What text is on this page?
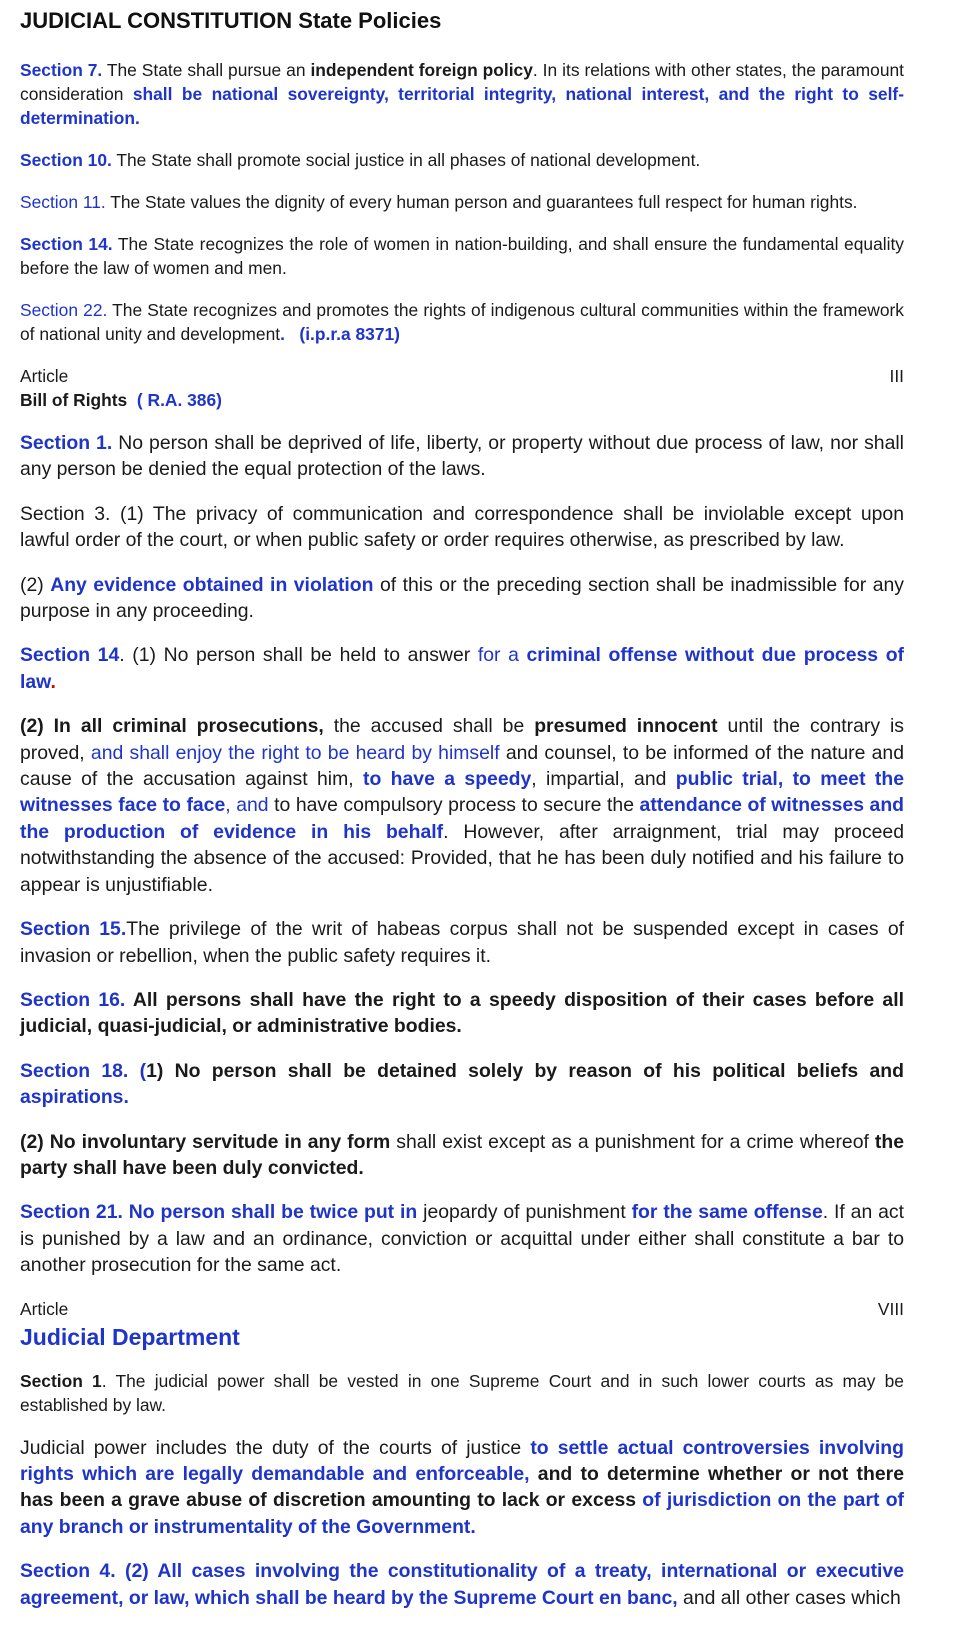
JUDICIAL CONSTITUTION State Policies

Section 7. The State shall pursue an independent foreign policy. In its relations with other states, the paramount consideration shall be national sovereignty, territorial integrity, national interest, and the right to self-determination.

Section 10. The State shall promote social justice in all phases of national development.

Section 11. The State values the dignity of every human person and guarantees full respect for human rights.

Section 14. The State recognizes the role of women in nation-building, and shall ensure the fundamental equality before the law of women and men.

Section 22. The State recognizes and promotes the rights of indigenous cultural communities within the framework of national unity and development.   (i.p.r.a 8371)

Article	III
Bill of Rights  ( R.A. 386)

Section 1. No person shall be deprived of life, liberty, or property without due process of law, nor shall any person be denied the equal protection of the laws.

Section 3. (1) The privacy of communication and correspondence shall be inviolable except upon lawful order of the court, or when public safety or order requires otherwise, as prescribed by law.

(2) Any evidence obtained in violation of this or the preceding section shall be inadmissible for any purpose in any proceeding.

Section 14. (1) No person shall be held to answer for a criminal offense without due process of law.

(2) In all criminal prosecutions, the accused shall be presumed innocent until the contrary is proved, and shall enjoy the right to be heard by himself and counsel, to be informed of the nature and cause of the accusation against him, to have a speedy, impartial, and public trial, to meet the witnesses face to face, and to have compulsory process to secure the attendance of witnesses and the production of evidence in his behalf. However, after arraignment, trial may proceed notwithstanding the absence of the accused: Provided, that he has been duly notified and his failure to appear is unjustifiable.

Section 15.The privilege of the writ of habeas corpus shall not be suspended except in cases of invasion or rebellion, when the public safety requires it.

Section 16. All persons shall have the right to a speedy disposition of their cases before all judicial, quasi-judicial, or administrative bodies.

Section 18. (1) No person shall be detained solely by reason of his political beliefs and aspirations.

(2) No involuntary servitude in any form shall exist except as a punishment for a crime whereof the party shall have been duly convicted.

Section 21. No person shall be twice put in jeopardy of punishment for the same offense. If an act is punished by a law and an ordinance, conviction or acquittal under either shall constitute a bar to another prosecution for the same act.

Article	VIII
Judicial Department

Section 1. The judicial power shall be vested in one Supreme Court and in such lower courts as may be established by law.

Judicial power includes the duty of the courts of justice to settle actual controversies involving rights which are legally demandable and enforceable, and to determine whether or not there has been a grave abuse of discretion amounting to lack or excess of jurisdiction on the part of any branch or instrumentality of the Government.

Section 4. (2) All cases involving the constitutionality of a treaty, international or executive agreement, or law, which shall be heard by the Supreme Court en banc, and all other cases which
